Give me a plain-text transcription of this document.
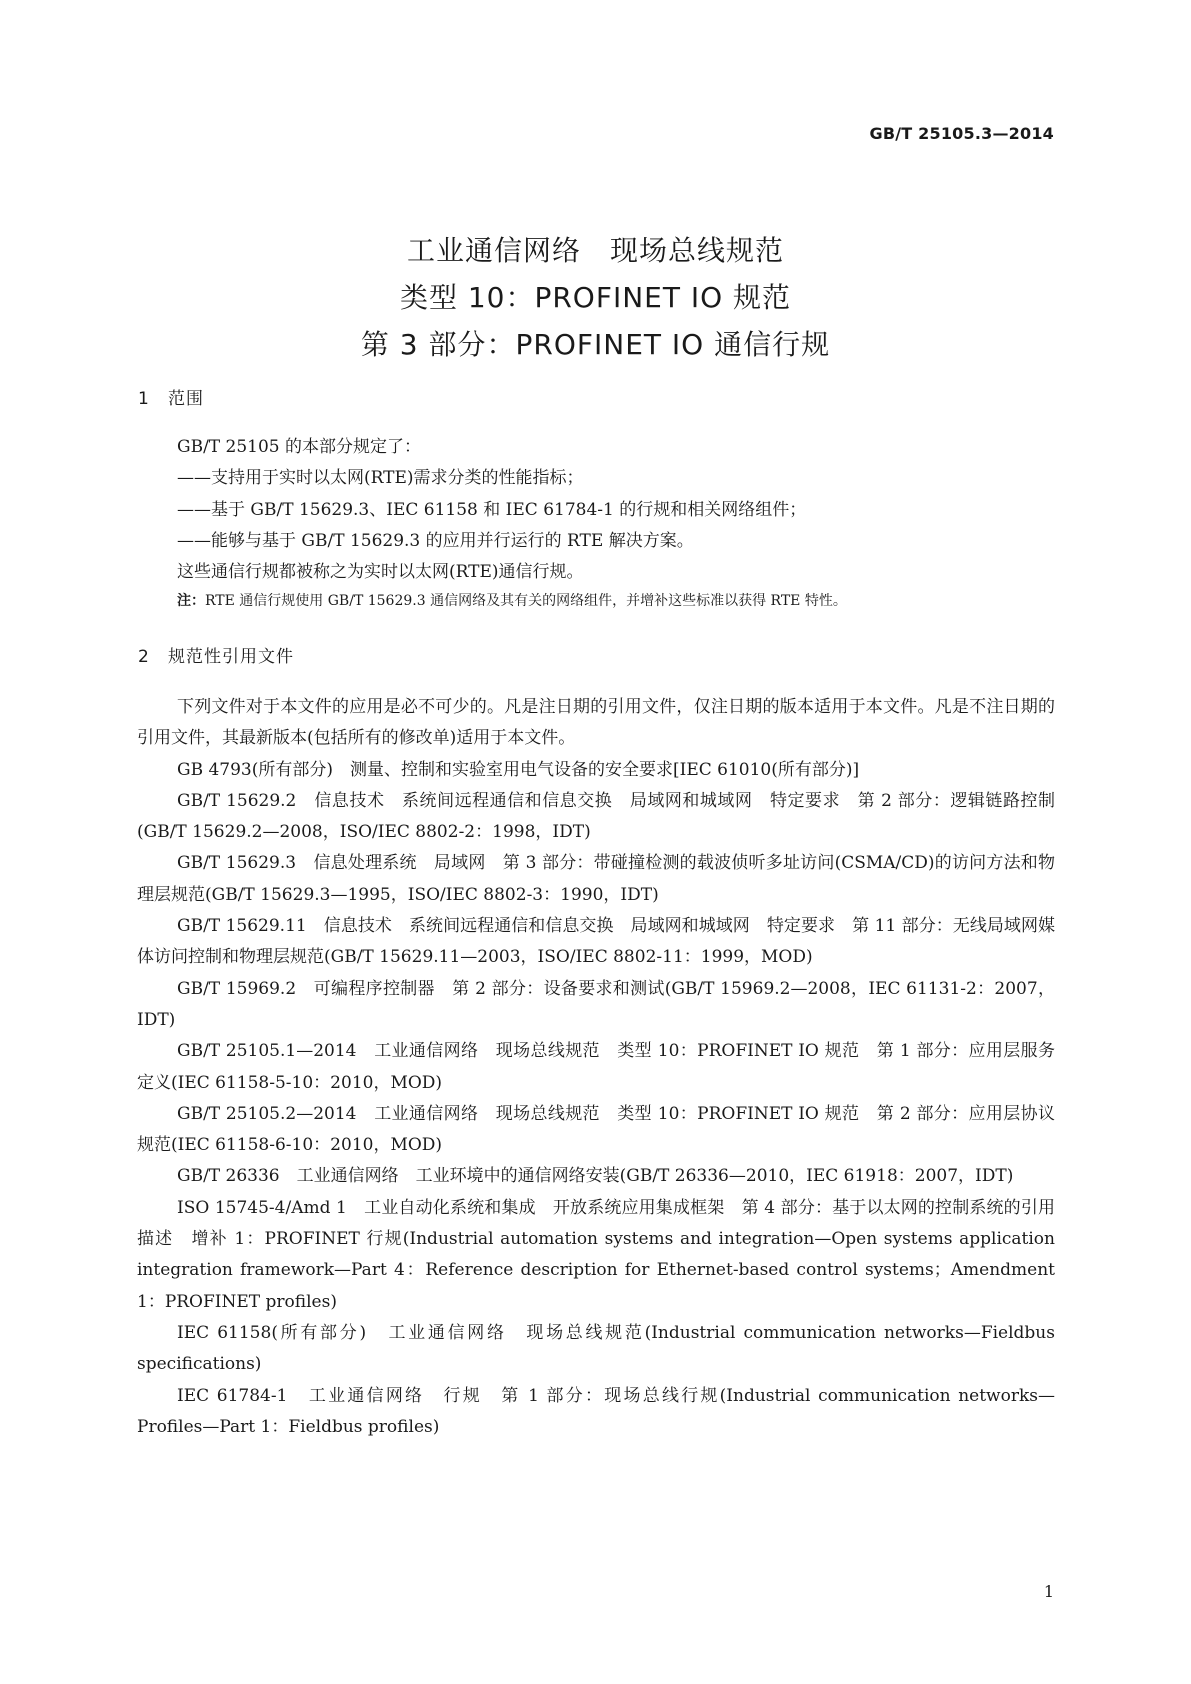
GB/T 25105.3—2014
工业通信网络　现场总线规范
类型 10：PROFINET IO 规范
第 3 部分：PROFINET IO 通信行规
1 范围

GB/T 25105 的本部分规定了：

——支持用于实时以太网(RTE)需求分类的性能指标；

——基于 GB/T 15629.3、IEC 61158 和 IEC 61784-1 的行规和相关网络组件；

——能够与基于 GB/T 15629.3 的应用并行运行的 RTE 解决方案。

这些通信行规都被称之为实时以太网(RTE)通信行规。

注：RTE 通信行规使用 GB/T 15629.3 通信网络及其有关的网络组件，并增补这些标准以获得 RTE 特性。

2 规范性引用文件

下列文件对于本文件的应用是必不可少的。凡是注日期的引用文件，仅注日期的版本适用于本文件。凡是不注日期的引用文件，其最新版本(包括所有的修改单)适用于本文件。

GB 4793(所有部分)　测量、控制和实验室用电气设备的安全要求[IEC 61010(所有部分)]

GB/T 15629.2　信息技术　系统间远程通信和信息交换　局域网和城域网　特定要求　第 2 部分：逻辑链路控制(GB/T 15629.2—2008，ISO/IEC 8802-2：1998，IDT)

GB/T 15629.3　信息处理系统　局域网　第 3 部分：带碰撞检测的载波侦听多址访问(CSMA/CD)的访问方法和物理层规范(GB/T 15629.3—1995，ISO/IEC 8802-3：1990，IDT)

GB/T 15629.11　信息技术　系统间远程通信和信息交换　局域网和城域网　特定要求　第 11 部分：无线局域网媒体访问控制和物理层规范(GB/T 15629.11—2003，ISO/IEC 8802-11：1999，MOD)

GB/T 15969.2　可编程序控制器　第 2 部分：设备要求和测试(GB/T 15969.2—2008，IEC 61131-2：2007，IDT)

GB/T 25105.1—2014　工业通信网络　现场总线规范　类型 10：PROFINET IO 规范　第 1 部分：应用层服务定义(IEC 61158-5-10：2010，MOD)

GB/T 25105.2—2014　工业通信网络　现场总线规范　类型 10：PROFINET IO 规范　第 2 部分：应用层协议规范(IEC 61158-6-10：2010，MOD)

GB/T 26336　工业通信网络　工业环境中的通信网络安装(GB/T 26336—2010，IEC 61918：2007，IDT)

ISO 15745-4/Amd 1　工业自动化系统和集成　开放系统应用集成框架　第 4 部分：基于以太网的控制系统的引用描述　增补 1：PROFINET 行规(Industrial automation systems and integration—Open systems application integration framework—Part 4：Reference description for Ethernet-based control systems；Amendment 1：PROFINET profiles)

IEC 61158(所有部分)　工业通信网络　现场总线规范(Industrial communication networks—Fieldbus specifications)

IEC 61784-1　工业通信网络　行规　第 1 部分：现场总线行规(Industrial communication networks—Profiles—Part 1：Fieldbus profiles)

1
